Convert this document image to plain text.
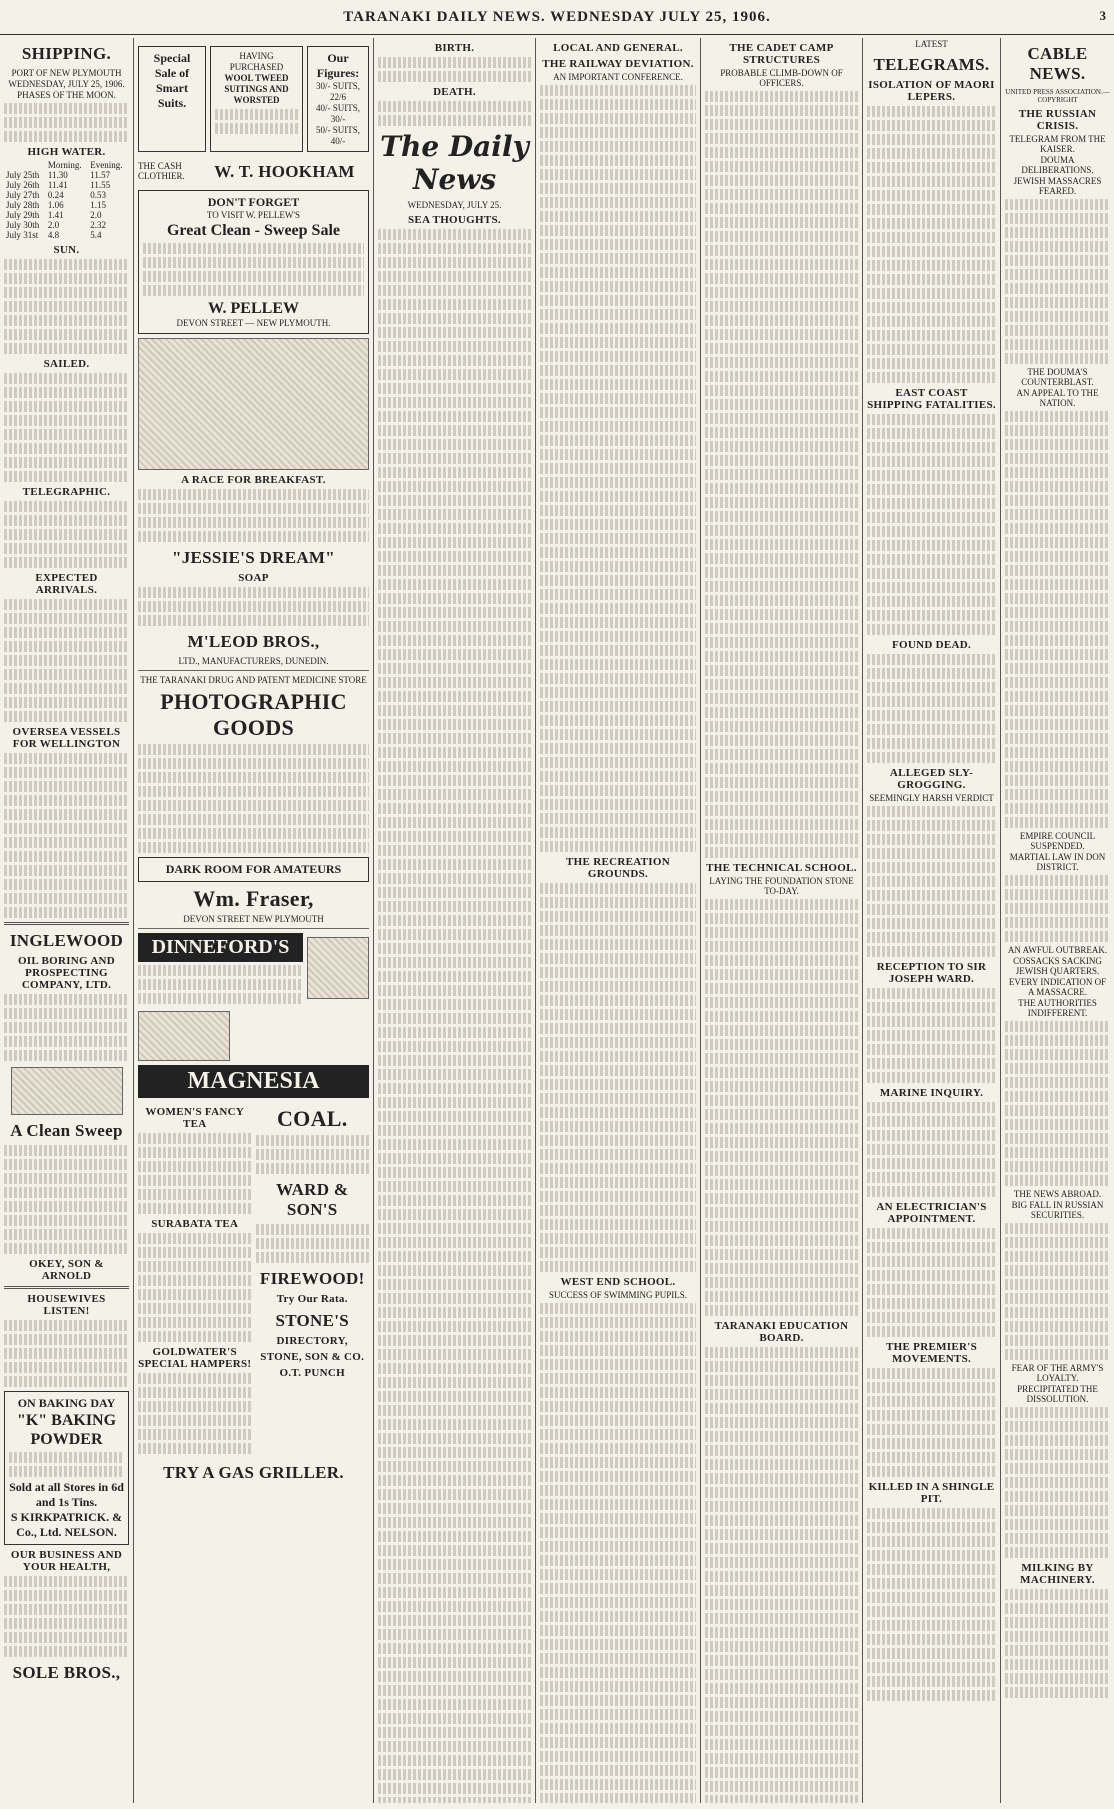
TARANAKI DAILY NEWS. WEDNESDAY JULY 25, 1906.	3
SHIPPING.
PORT OF NEW PLYMOUTH
WEDNESDAY, JULY 25, 1906.
PHASES OF THE MOON.
HIGH WATER.
	Morning.	Evening.
July 25th	11.30	11.57
July 26th	11.41	11.55
July 27th	0.24	0.53
July 28th	1.06	1.15
July 29th	1.41	2.0
July 30th	2.0	2.32
July 31st	4.8	5.4
SUN.
SAILED.
TELEGRAPHIC.
EXPECTED ARRIVALS.
OVERSEA VESSELS FOR WELLINGTON
INGLEWOOD
OIL BORING AND PROSPECTING COMPANY, LTD.
A Clean Sweep
OKEY, SON & ARNOLD
HOUSEWIVES LISTEN!
ON BAKING DAY
"K" BAKING POWDER
Sold at all Stores in 6d and 1s Tins.
S KIRKPATRICK. & Co., Ltd. NELSON.
OUR BUSINESS AND YOUR HEALTH,
SOLE BROS.,
Special Sale of Smart Suits.
HAVING PURCHASED
WOOL TWEED SUITINGS AND WORSTED
Our Figures:
30/- SUITS, 22/6
40/- SUITS, 30/-
50/- SUITS, 40/-
THE CASH CLOTHIER.	W. T. HOOKHAM
DON'T FORGET
TO VISIT W. PELLEW'S
Great Clean - Sweep Sale
W. PELLEW
DEVON STREET — NEW PLYMOUTH.
A RACE FOR BREAKFAST.
"JESSIE'S DREAM"
SOAP
M'LEOD BROS.,
LTD., MANUFACTURERS, DUNEDIN.
THE TARANAKI DRUG AND PATENT MEDICINE STORE
PHOTOGRAPHIC GOODS
DARK ROOM FOR AMATEURS
Wm. Fraser,
DEVON STREET NEW PLYMOUTH
DINNEFORD'S
MAGNESIA
WOMEN'S FANCY TEA
SURABATA TEA
GOLDWATER'S SPECIAL HAMPERS!
COAL.
WARD & SON'S
FIREWOOD!
Try Our Rata.
STONE'S
DIRECTORY,
STONE, SON & CO.
O.T. PUNCH
TRY A GAS GRILLER.
BIRTH.
DEATH.
The Daily News
WEDNESDAY, JULY 25.
SEA THOUGHTS.
LOCAL AND GENERAL.
THE RAILWAY DEVIATION.
AN IMPORTANT CONFERENCE.
THE RECREATION GROUNDS.
WEST END SCHOOL.
SUCCESS OF SWIMMING PUPILS.
THE CADET CAMP STRUCTURES
PROBABLE CLIMB-DOWN OF OFFICERS.
THE TECHNICAL SCHOOL.
LAYING THE FOUNDATION STONE TO-DAY.
TARANAKI EDUCATION BOARD.
LATEST
TELEGRAMS.
ISOLATION OF MAORI LEPERS.
EAST COAST SHIPPING FATALITIES.
FOUND DEAD.
ALLEGED SLY-GROGGING.
SEEMINGLY HARSH VERDICT
RECEPTION TO SIR JOSEPH WARD.
MARINE INQUIRY.
AN ELECTRICIAN'S APPOINTMENT.
THE PREMIER'S MOVEMENTS.
KILLED IN A SHINGLE PIT.
CABLE NEWS.
UNITED PRESS ASSOCIATION.—COPYRIGHT
THE RUSSIAN CRISIS.
TELEGRAM FROM THE KAISER.
DOUMA DELIBERATIONS.
JEWISH MASSACRES FEARED.
THE DOUMA'S COUNTERBLAST.
AN APPEAL TO THE NATION.
EMPIRE COUNCIL SUSPENDED.
MARTIAL LAW IN DON DISTRICT.
AN AWFUL OUTBREAK.
COSSACKS SACKING JEWISH QUARTERS.
EVERY INDICATION OF A MASSACRE.
THE AUTHORITIES INDIFFERENT.
THE NEWS ABROAD.
BIG FALL IN RUSSIAN SECURITIES.
FEAR OF THE ARMY'S LOYALTY.
PRECIPITATED THE DISSOLUTION.
MILKING BY MACHINERY.
